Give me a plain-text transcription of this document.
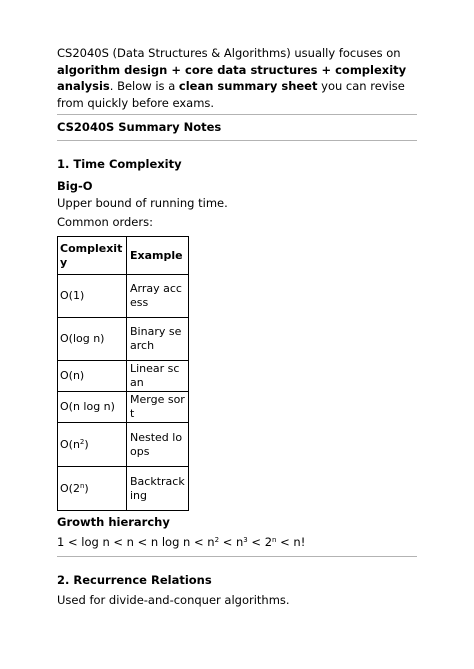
CS2040S (Data Structures & Algorithms) usually focuses on algorithm design + core data structures + complexity analysis. Below is a clean summary sheet you can revise from quickly before exams.

CS2040S Summary Notes

1. Time Complexity

Big-O

Upper bound of running time.

Common orders:

Complexity	Example
O(1)	Array access
O(log n)	Binary search
O(n)	Linear scan
O(n log n)	Merge sort
$O(n^2)$	Nested loops
O(2$^n$)	Backtracking

Growth hierarchy

1 < log n < n < n $\log n < n^2 < n^3 < 2^n < n$!

2. Recurrence Relations

Used for divide-and-conquer algorithms.
